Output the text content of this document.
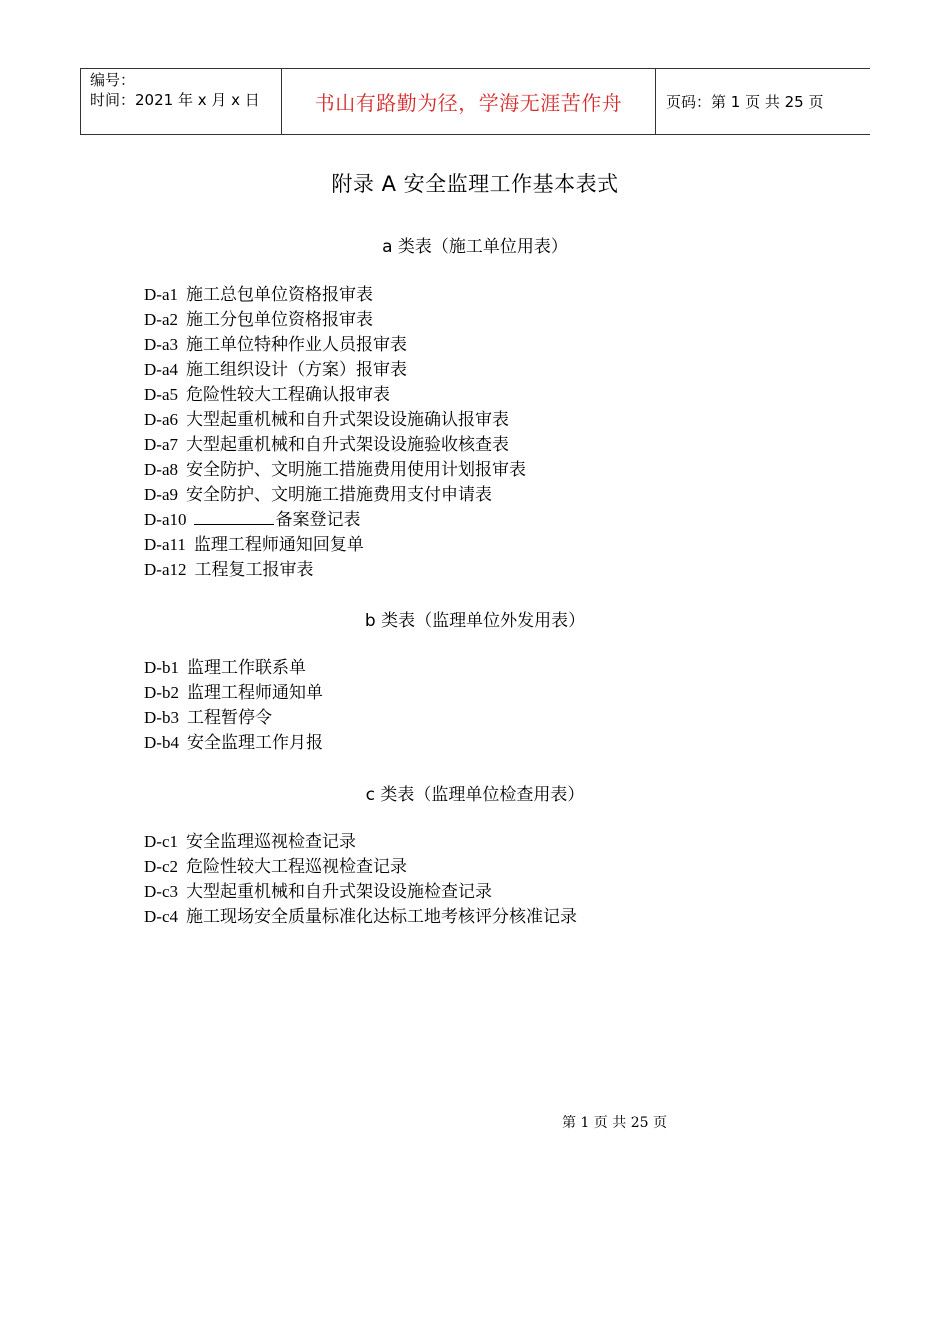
编号：
时间：2021 年 x 月 x 日	书山有路勤为径，学海无涯苦作舟	页码：第 1 页 共 25 页
附录 A 安全监理工作基本表式
a 类表（施工单位用表）
D-a1 施工总包单位资格报审表
D-a2 施工分包单位资格报审表
D-a3 施工单位特种作业人员报审表
D-a4 施工组织设计（方案）报审表
D-a5 危险性较大工程确认报审表
D-a6 大型起重机械和自升式架设设施确认报审表
D-a7 大型起重机械和自升式架设设施验收核查表
D-a8 安全防护、文明施工措施费用使用计划报审表
D-a9 安全防护、文明施工措施费用支付申请表
D-a10	备案登记表
D-a11 监理工程师通知回复单
D-a12 工程复工报审表
b 类表（监理单位外发用表）
D-b1 监理工作联系单
D-b2 监理工程师通知单
D-b3 工程暂停令
D-b4 安全监理工作月报
c 类表（监理单位检查用表）
D-c1 安全监理巡视检查记录
D-c2 危险性较大工程巡视检查记录
D-c3 大型起重机械和自升式架设设施检查记录
D-c4 施工现场安全质量标准化达标工地考核评分核准记录
第 1 页 共 25 页
